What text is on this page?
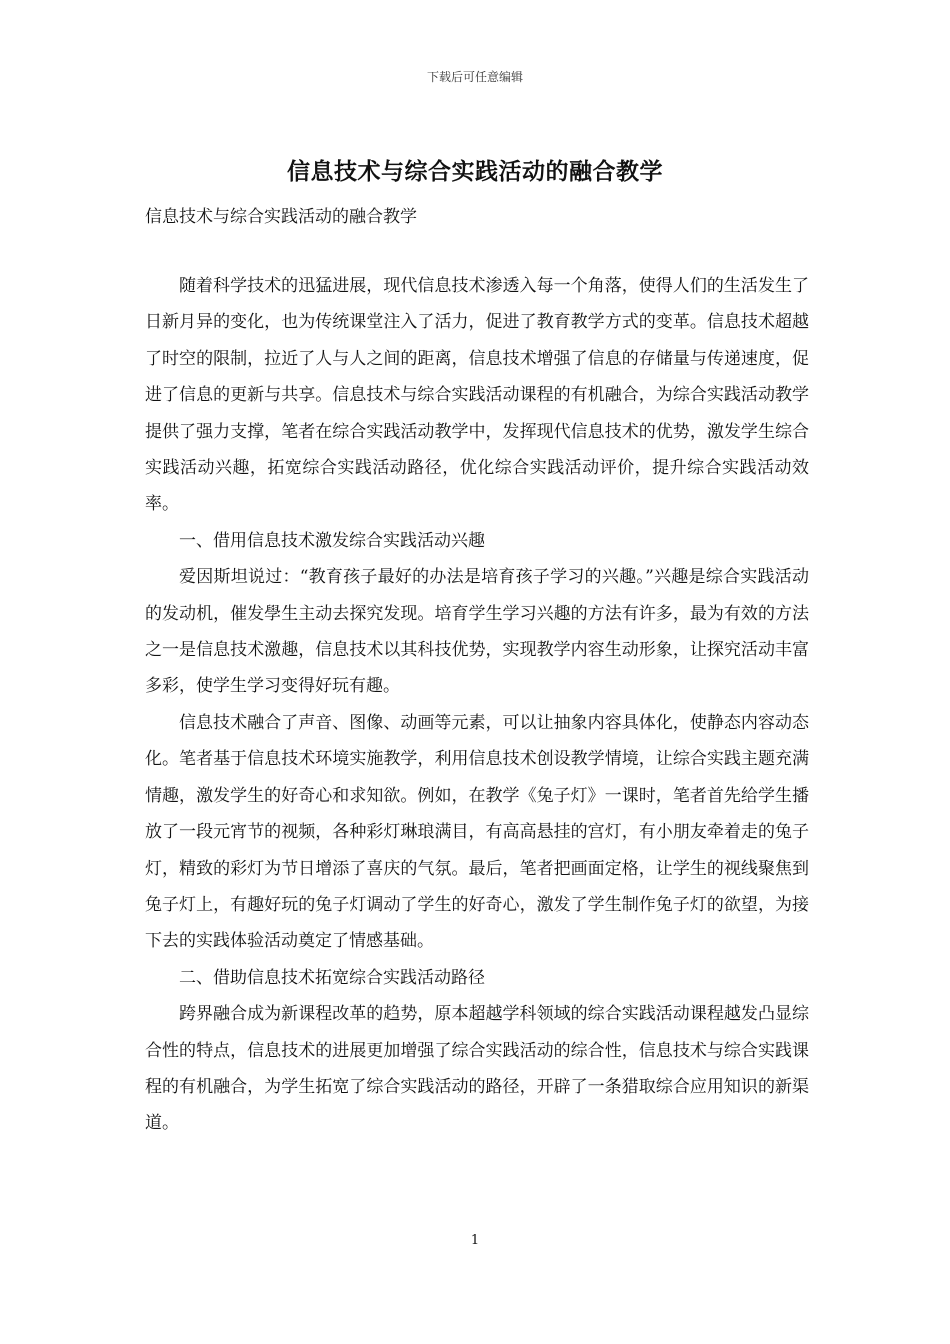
下载后可任意编辑
信息技术与综合实践活动的融合教学
信息技术与综合实践活动的融合教学

随着科学技术的迅猛进展，现代信息技术渗透入每一个角落，使得人们的生活发生了日新月异的变化，也为传统课堂注入了活力，促进了教育教学方式的变革。信息技术超越了时空的限制，拉近了人与人之间的距离，信息技术增强了信息的存储量与传递速度，促进了信息的更新与共享。信息技术与综合实践活动课程的有机融合，为综合实践活动教学提供了强力支撑，笔者在综合实践活动教学中，发挥现代信息技术的优势，激发学生综合实践活动兴趣，拓宽综合实践活动路径，优化综合实践活动评价，提升综合实践活动效率。

一、借用信息技术激发综合实践活动兴趣

爱因斯坦说过：“教育孩子最好的办法是培育孩子学习的兴趣。”兴趣是综合实践活动的发动机，催发學生主动去探究发现。培育学生学习兴趣的方法有许多，最为有效的方法之一是信息技术激趣，信息技术以其科技优势，实现教学内容生动形象，让探究活动丰富多彩，使学生学习变得好玩有趣。

信息技术融合了声音、图像、动画等元素，可以让抽象内容具体化，使静态内容动态化。笔者基于信息技术环境实施教学，利用信息技术创设教学情境，让综合实践主题充满情趣，激发学生的好奇心和求知欲。例如，在教学《兔子灯》一课时，笔者首先给学生播放了一段元宵节的视频，各种彩灯琳琅满目，有高高悬挂的宫灯，有小朋友牵着走的兔子灯，精致的彩灯为节日增添了喜庆的气氛。最后，笔者把画面定格，让学生的视线聚焦到兔子灯上，有趣好玩的兔子灯调动了学生的好奇心，激发了学生制作兔子灯的欲望，为接下去的实践体验活动奠定了情感基础。

二、借助信息技术拓宽综合实践活动路径

跨界融合成为新课程改革的趋势，原本超越学科领域的综合实践活动课程越发凸显综合性的特点，信息技术的进展更加增强了综合实践活动的综合性，信息技术与综合实践课程的有机融合，为学生拓宽了综合实践活动的路径，开辟了一条猎取综合应用知识的新渠道。

1
